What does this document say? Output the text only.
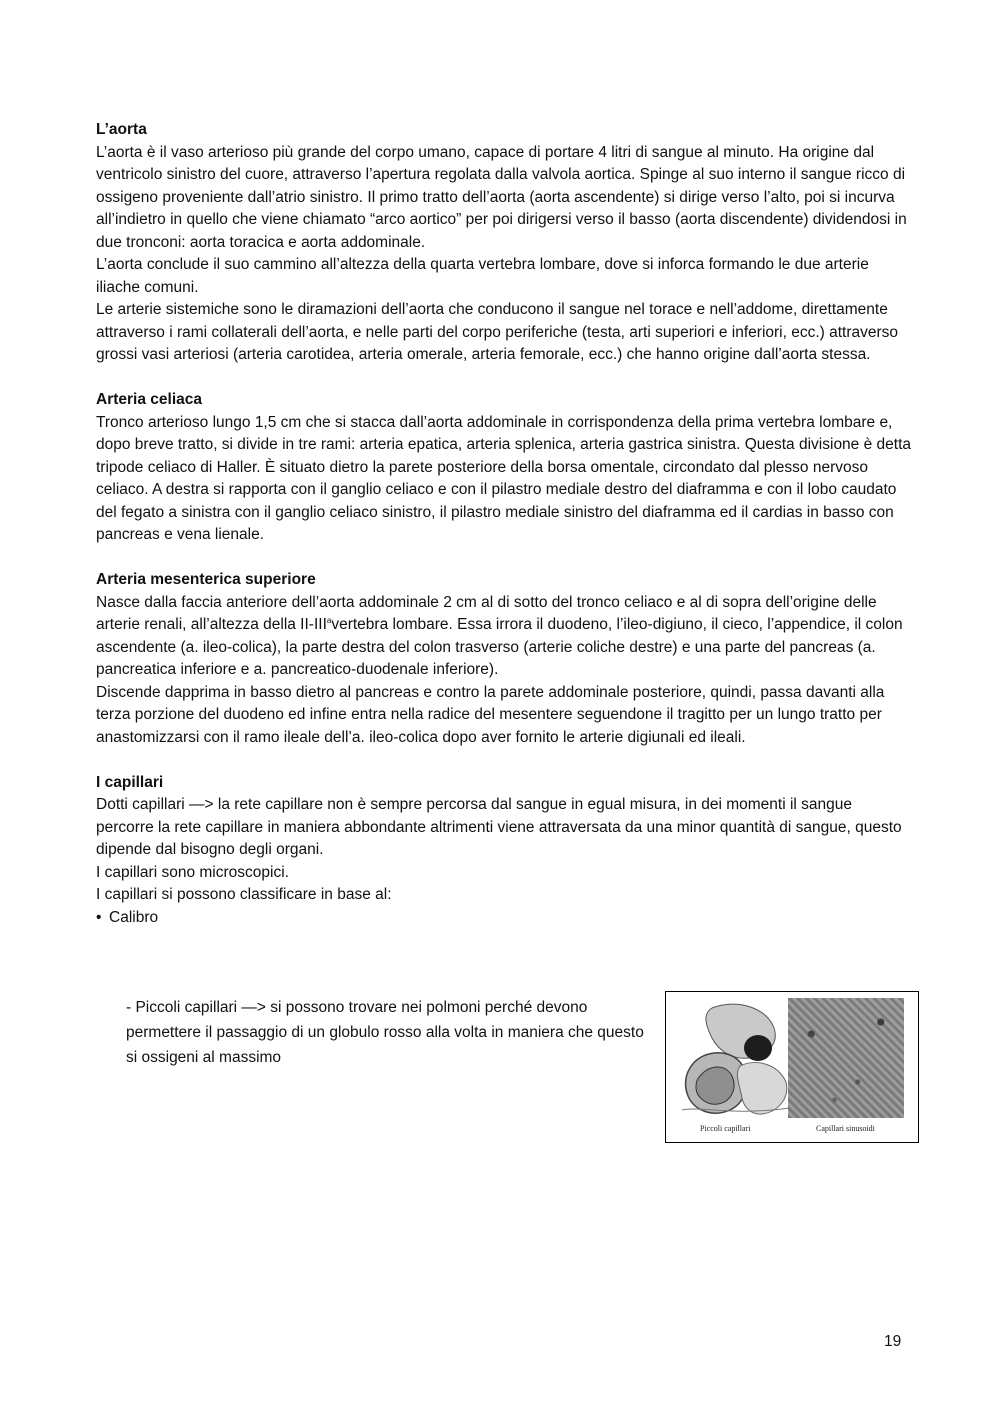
L’aorta

L’aorta è il vaso arterioso più grande del corpo umano, capace di portare 4 litri di sangue al minuto. Ha origine dal ventricolo sinistro del cuore, attraverso l’apertura regolata dalla valvola aortica. Spinge al suo interno il sangue ricco di ossigeno proveniente dall’atrio sinistro. Il primo tratto dell’aorta (aorta ascendente) si dirige verso l’alto, poi si incurva all’indietro in quello che viene chiamato “arco aortico” per poi dirigersi verso il basso (aorta discendente) dividendosi in due tronconi: aorta toracica e aorta addominale.

L’aorta conclude il suo cammino all’altezza della quarta vertebra lombare, dove si inforca formando le due arterie iliache comuni.

Le arterie sistemiche sono le diramazioni dell’aorta che conducono il sangue nel torace e nell’addome, direttamente attraverso i rami collaterali dell’aorta, e nelle parti del corpo periferiche (testa, arti superiori e inferiori, ecc.) attraverso grossi vasi arteriosi (arteria carotidea, arteria omerale, arteria femorale, ecc.) che hanno origine dall’aorta stessa.

Arteria celiaca

Tronco arterioso lungo 1,5 cm che si stacca dall’aorta addominale in corrispondenza della prima vertebra lombare e, dopo breve tratto, si divide in tre rami: arteria epatica, arteria splenica, arteria gastrica sinistra. Questa divisione è detta tripode celiaco di Haller. È situato dietro la parete posteriore della borsa omentale, circondato dal plesso nervoso celiaco. A destra si rapporta con il ganglio celiaco e con il pilastro mediale destro del diaframma e con il lobo caudato del fegato a sinistra con il ganglio celiaco sinistro, il pilastro mediale sinistro del diaframma ed il cardias in basso con pancreas e vena lienale.

Arteria mesenterica superiore

Nasce dalla faccia anteriore dell’aorta addominale 2 cm al di sotto del tronco celiaco e al di sopra dell’origine delle arterie renali, all’altezza della II-III$^a$vertebra lombare. Essa irrora il duodeno, l’ileo-digiuno, il cieco, l’appendice, il colon ascendente (a. ileo-colica), la parte destra del colon trasverso (arterie coliche destre) e una parte del pancreas (a. pancreatica inferiore e a. pancreatico-duodenale inferiore).

Discende dapprima in basso dietro al pancreas e contro la parete addominale posteriore, quindi, passa davanti alla terza porzione del duodeno ed infine entra nella radice del mesentere seguendone il tragitto per un lungo tratto per anastomizzarsi con il ramo ileale dell’a. ileo-colica dopo aver fornito le arterie digiunali ed ileali.

I capillari

Dotti capillari —> la rete capillare non è sempre percorsa dal sangue in egual misura, in dei momenti il sangue percorre la rete capillare in maniera abbondante altrimenti viene attraversata da una minor quantità di sangue, questo dipende dal bisogno degli organi.

I capillari sono microscopici.

I capillari si possono classificare in base al:

• Calibro
- Piccoli capillari —> si possono trovare nei polmoni perché devono permettere il passaggio di un globulo rosso alla volta in maniera che questo si ossigeni al massimo
Piccoli capillari	Capillari sinusoidi
19
